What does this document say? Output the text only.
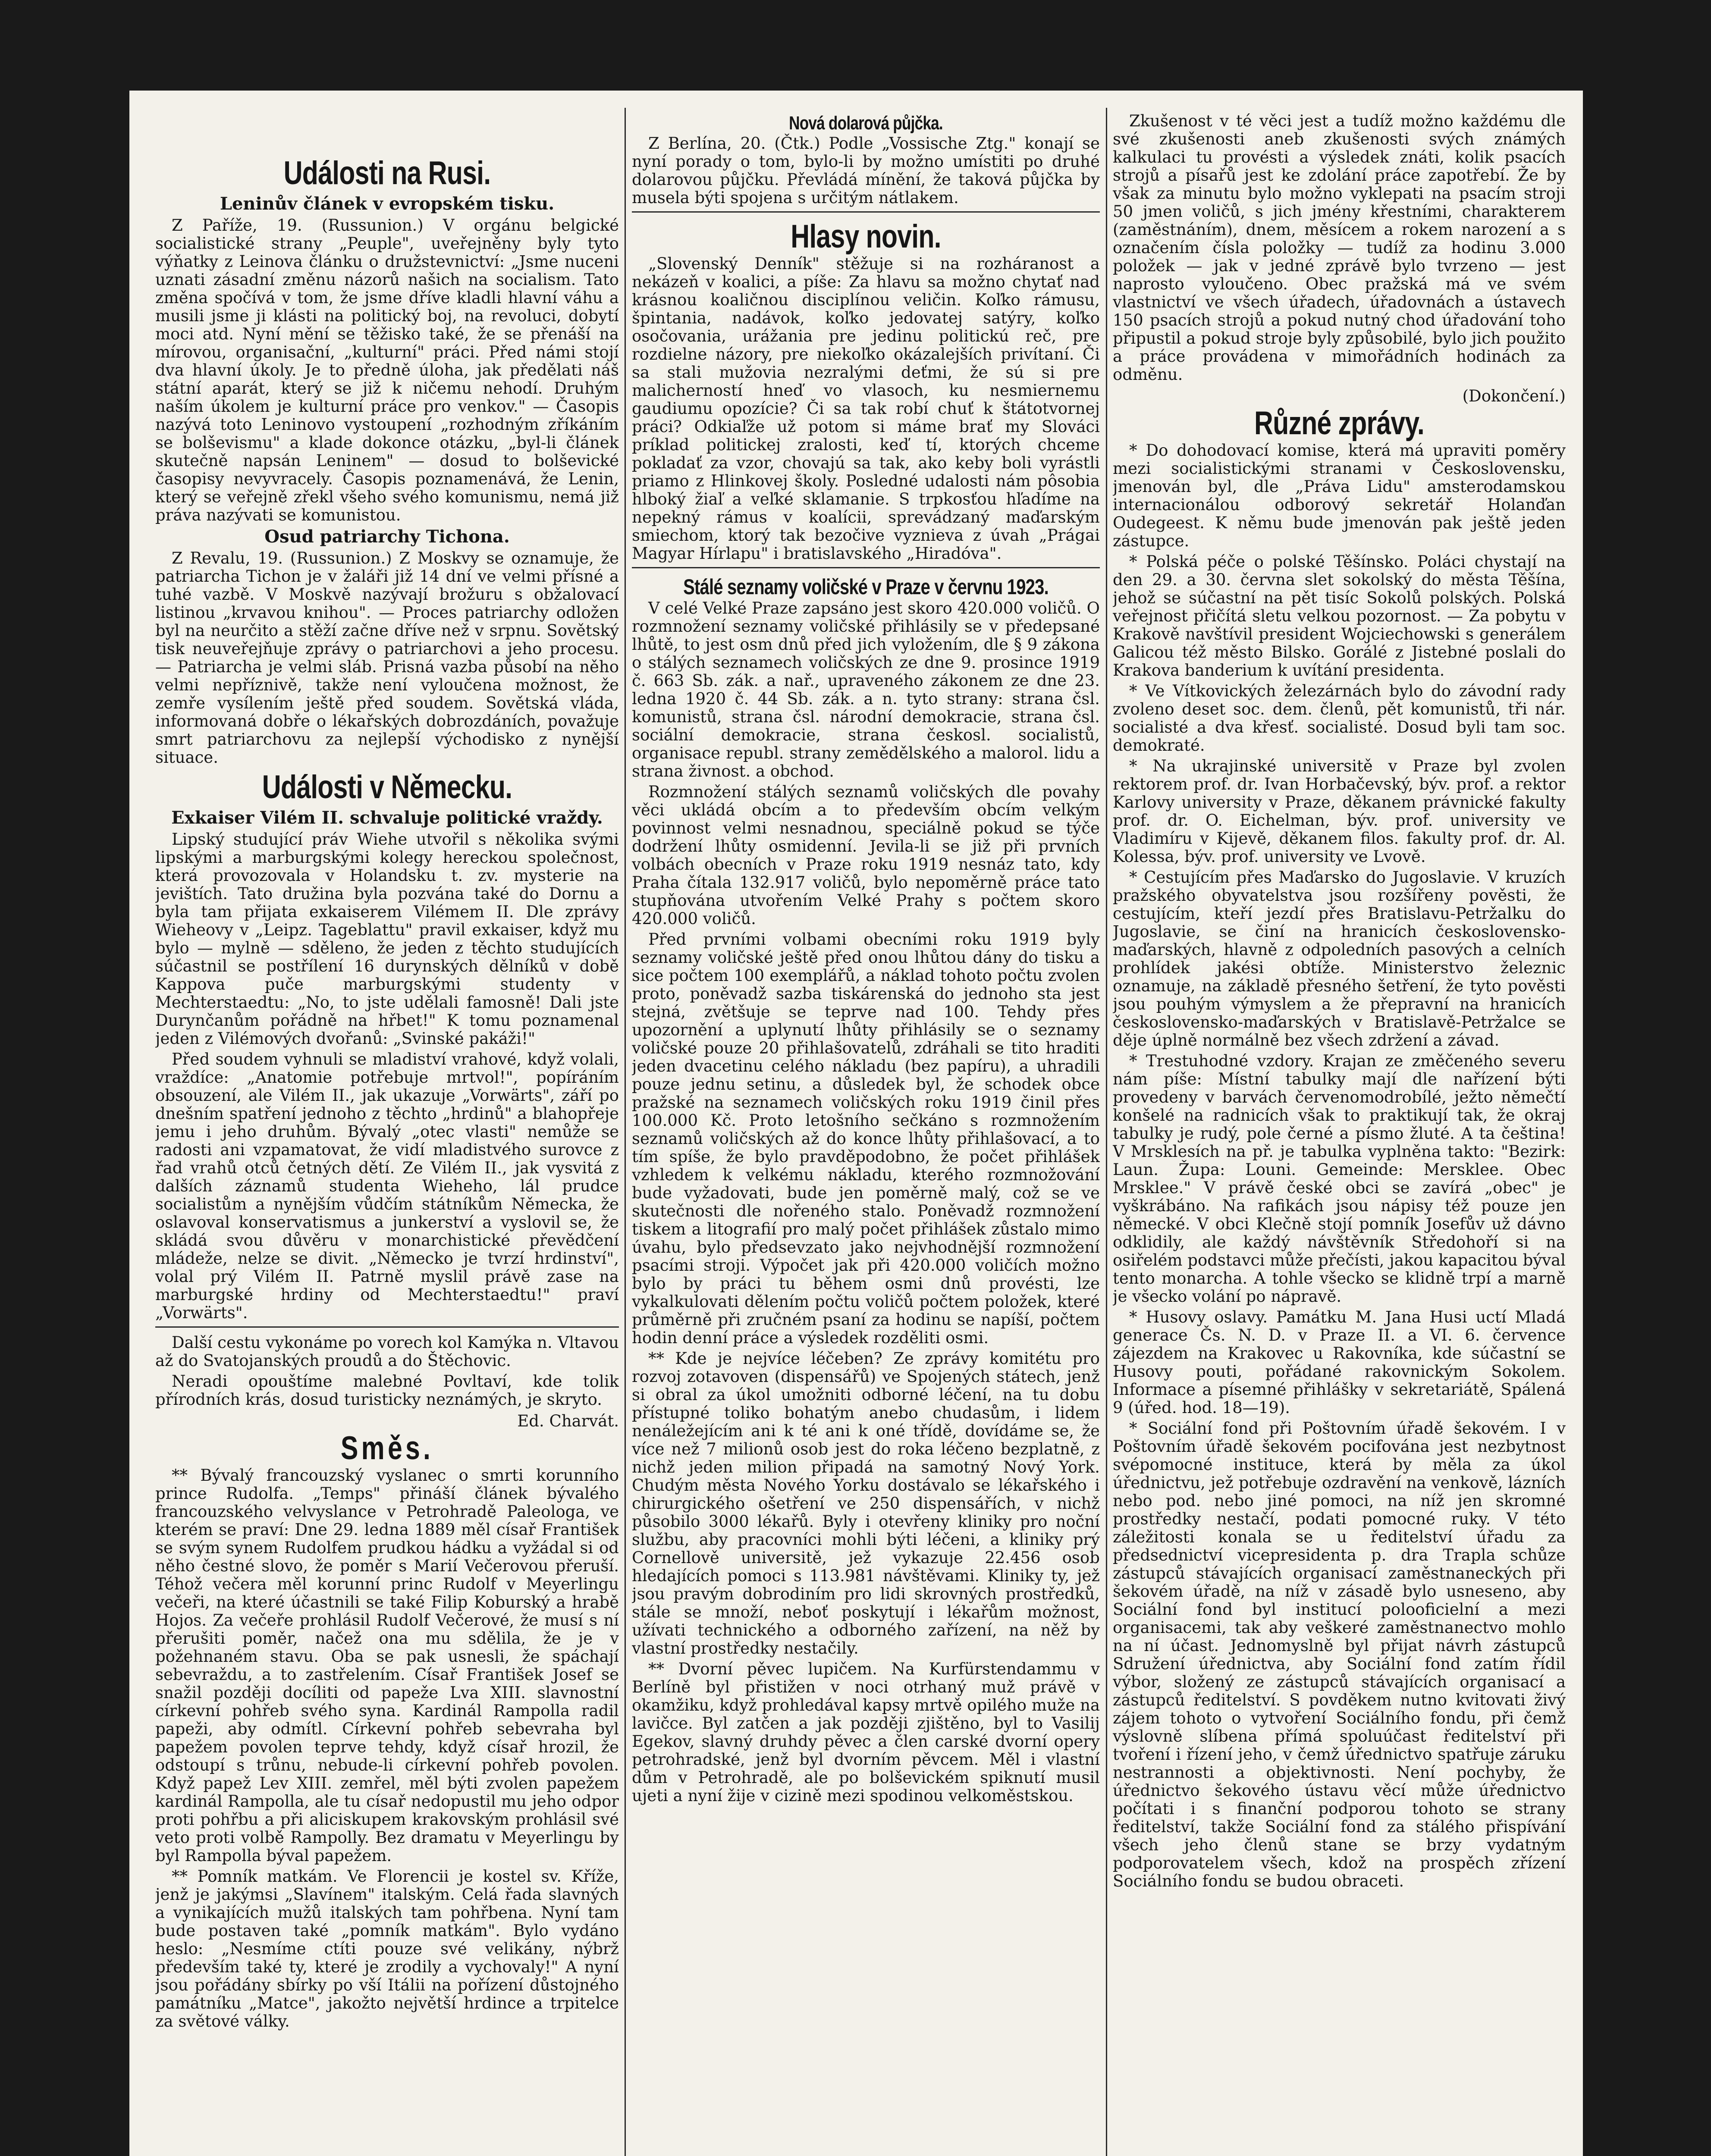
Události na Rusi.
Leninův článek v evropském tisku.

Z Paříže, 19. (Russunion.) V orgánu belgické socialistické strany „Peuple", uveřejněny byly tyto výňatky z Leinova článku o družstevnictví: „Jsme nuceni uznati zásadní změnu názorů našich na socialism. Tato změna spočívá v tom, že jsme dříve kladli hlavní váhu a musili jsme ji klásti na politický boj, na revoluci, dobytí moci atd. Nyní mění se těžisko také, že se přenáší na mírovou, organisační, „kulturní" práci. Před námi stojí dva hlavní úkoly. Je to předně úloha, jak předělati náš státní aparát, který se již k ničemu nehodí. Druhým naším úkolem je kulturní práce pro venkov." — Časopis nazývá toto Leninovo vystoupení „rozhodným zříkáním se bolševismu" a klade dokonce otázku, „byl-li článek skutečně napsán Leninem" — dosud to bolševické časopisy nevyvracely. Časopis poznamenává, že Lenin, který se veřejně zřekl všeho svého komunismu, nemá již práva nazývati se komunistou.

Osud patriarchy Tichona.

Z Revalu, 19. (Russunion.) Z Moskvy se oznamuje, že patriarcha Tichon je v žaláři již 14 dní ve velmi přísné a tuhé vazbě. V Moskvě nazývají brožuru s obžalovací listinou „krvavou knihou". — Proces patriarchy odložen byl na neurčito a stěží začne dříve než v srpnu. Sovětský tisk neuveřejňuje zprávy o patriarchovi a jeho procesu. — Patriarcha je velmi sláb. Prisná vazba působí na něho velmi nepříznivě, takže není vyloučena možnost, že zemře vysílením ještě před soudem. Sovětská vláda, informovaná dobře o lékařských dobrozdáních, považuje smrt patriarchovu za nejlepší východisko z nynější situace.

Události v Německu.
Exkaiser Vilém II. schvaluje politické vraždy.

Lipský studující práv Wiehe utvořil s několika svými lipskými a marburgskými kolegy hereckou společnost, která provozovala v Holandsku t. zv. mysterie na jevištích. Tato družina byla pozvána také do Dornu a byla tam přijata exkaiserem Vilémem II. Dle zprávy Wieheovy v „Leipz. Tageblattu" pravil exkaiser, když mu bylo — mylně — sděleno, že jeden z těchto studujících súčastnil se postřílení 16 durynských dělníků v době Kappova puče marburgskými studenty v Mechterstaedtu: „No, to jste udělali famosně! Dali jste Durynčanům pořádně na hřbet!" K tomu poznamenal jeden z Vilémových dvořanů: „Svinské pakáži!"

Před soudem vyhnuli se mladiství vrahové, když volali, vraždíce: „Anatomie potřebuje mrtvol!", popíráním obsouzení, ale Vilém II., jak ukazuje „Vorwärts", září po dnešním spatření jednoho z těchto „hrdinů" a blahopřeje jemu i jeho druhům. Bývalý „otec vlasti" nemůže se radosti ani vzpamatovat, že vidí mladistvého surovce z řad vrahů otců četných dětí. Ze Vilém II., jak vysvitá z dalších záznamů studenta Wieheho, lál prudce socialistům a nynějším vůdčím státníkům Německa, že oslavoval konservatismus a junkerství a vyslovil se, že skládá svou důvěru v monarchistické převědčení mládeže, nelze se divit. „Německo je tvrzí hrdinství", volal prý Vilém II. Patrně myslil právě zase na marburgské hrdiny od Mechterstaedtu!" praví „Vorwärts".

Další cestu vykonáme po vorech kol Kamýka n. Vltavou až do Svatojanských proudů a do Štěchovic.

Neradi opouštíme malebné Povltaví, kde tolik přírodních krás, dosud turisticky neznámých, je skryto.

Ed. Charvát.
Směs.

** Bývalý francouzský vyslanec o smrti korunního prince Rudolfa. „Temps" přináší článek bývalého francouzského velvyslance v Petrohradě Paleologa, ve kterém se praví: Dne 29. ledna 1889 měl císař František se svým synem Rudolfem prudkou hádku a vyžádal si od něho čestné slovo, že poměr s Marií Večerovou přeruší. Téhož večera měl korunní princ Rudolf v Meyerlingu večeři, na které účastnili se také Filip Koburský a hrabě Hojos. Za večeře prohlásil Rudolf Večerové, že musí s ní přerušiti poměr, načež ona mu sdělila, že je v požehnaném stavu. Oba se pak usnesli, že spáchají sebevraždu, a to zastřelením. Císař František Josef se snažil později docíliti od papeže Lva XIII. slavnostní církevní pohřeb svého syna. Kardinál Rampolla radil papeži, aby odmítl. Církevní pohřeb sebevraha byl papežem povolen teprve tehdy, když císař hrozil, že odstoupí s trůnu, nebude-li církevní pohřeb povolen. Když papež Lev XIII. zemřel, měl býti zvolen papežem kardinál Rampolla, ale tu císař nedopustil mu jeho odpor proti pohřbu a při aliciskupem krakovským prohlásil své veto proti volbě Rampolly. Bez dramatu v Meyerlingu by byl Rampolla býval papežem.

** Pomník matkám. Ve Florencii je kostel sv. Kříže, jenž je jakýmsi „Slavínem" italským. Celá řada slavných a vynikajících mužů italských tam pohřbena. Nyní tam bude postaven také „pomník matkám". Bylo vydáno heslo: „Nesmíme ctíti pouze své velikány, nýbrž především také ty, které je zrodily a vychovaly!" A nyní jsou pořádány sbírky po vší Itálii na pořízení důstojného památníku „Matce", jakožto největší hrdince a trpitelce za světové války.

Nová dolarová půjčka.

Z Berlína, 20. (Čtk.) Podle „Vossische Ztg." konají se nyní porady o tom, bylo-li by možno umístiti po druhé dolarovou půjčku. Převládá mínění, že taková půjčka by musela býti spojena s určitým nátlakem.

Hlasy novin.

„Slovenský Denník" stěžuje si na rozháranost a nekázeň v koalici, a píše: Za hlavu sa možno chytať nad krásnou koaličnou disciplínou veličin. Koľko rámusu, špintania, nadávok, koľko jedovatej satýry, koľko osočovania, urážania pre jedinu politickú reč, pre rozdielne názory, pre niekoľko okázalejších privítaní. Či sa stali mužovia nezralými deťmi, že sú si pre malicherností hneď vo vlasoch, ku nesmiernemu gaudiumu opozície? Či sa tak robí chuť k štátotvornej práci? Odkiaľže už potom si máme brať my Slováci príklad politickej zralosti, keď tí, ktorých chceme pokladať za vzor, chovajú sa tak, ako keby boli vyrástli priamo z Hlinkovej školy. Posledné udalosti nám pôsobia hlboký žiaľ a veľké sklamanie. S trpkosťou hľadíme na nepekný rámus v koalícii, sprevádzaný maďarským smiechom, ktorý tak bezočive vyznieva z úvah „Prágai Magyar Hírlapu" i bratislavského „Hiradóva".

Stálé seznamy voličské v Praze v červnu 1923.

V celé Velké Praze zapsáno jest skoro 420.000 voličů. O rozmnožení seznamy voličské přihlásily se v předepsané lhůtě, to jest osm dnů před jich vyložením, dle § 9 zákona o stálých seznamech voličských ze dne 9. prosince 1919 č. 663 Sb. zák. a nař., upraveného zákonem ze dne 23. ledna 1920 č. 44 Sb. zák. a n. tyto strany: strana čsl. komunistů, strana čsl. národní demokracie, strana čsl. sociální demokracie, strana českosl. socialistů, organisace republ. strany zemědělského a malorol. lidu a strana živnost. a obchod.

Rozmnožení stálých seznamů voličských dle povahy věci ukládá obcím a to především obcím velkým povinnost velmi nesnadnou, speciálně pokud se týče dodržení lhůty osmidenní. Jevila-li se již při prvních volbách obecních v Praze roku 1919 nesnáz tato, kdy Praha čítala 132.917 voličů, bylo nepoměrně práce tato stupňována utvořením Velké Prahy s počtem skoro 420.000 voličů.

Před prvními volbami obecními roku 1919 byly seznamy voličské ještě před onou lhůtou dány do tisku a sice počtem 100 exemplářů, a náklad tohoto počtu zvolen proto, poněvadž sazba tiskárenská do jednoho sta jest stejná, zvětšuje se teprve nad 100. Tehdy přes upozornění a uplynutí lhůty přihlásily se o seznamy voličské pouze 20 přihlašovatelů, zdráhali se tito hraditi jeden dvacetinu celého nákladu (bez papíru), a uhradili pouze jednu setinu, a důsledek byl, že schodek obce pražské na seznamech voličských roku 1919 činil přes 100.000 Kč. Proto letošního sečkáno s rozmnožením seznamů voličských až do konce lhůty přihlašovací, a to tím spíše, že bylo pravděpodobno, že počet přihlášek vzhledem k velkému nákladu, kterého rozmnožování bude vyžadovati, bude jen poměrně malý, což se ve skutečnosti dle nořeného stalo. Poněvadž rozmnožení tiskem a litografií pro malý počet přihlášek zůstalo mimo úvahu, bylo předsevzato jako nejvhodnější rozmnožení psacími stroji. Výpočet jak při 420.000 voličích možno bylo by práci tu během osmi dnů provésti, lze vykalkulovati dělením počtu voličů počtem položek, které průměrně při zručném psaní za hodinu se napíší, počtem hodin denní práce a výsledek rozděliti osmi.

** Kde je nejvíce léčeben? Ze zprávy komitétu pro rozvoj zotavoven (dispensářů) ve Spojených státech, jenž si obral za úkol umožniti odborné léčení, na tu dobu přístupné toliko bohatým anebo chudasům, i lidem nenáležejícím ani k té ani k oné třídě, dovídáme se, že více než 7 milionů osob jest do roka léčeno bezplatně, z nichž jeden milion připadá na samotný Nový York. Chudým města Nového Yorku dostávalo se lékařského i chirurgického ošetření ve 250 dispensářích, v nichž působilo 3000 lékařů. Byly i otevřeny kliniky pro noční službu, aby pracovníci mohli býti léčeni, a kliniky prý Cornellově universitě, jež vykazuje 22.456 osob hledajících pomoci s 113.981 návštěvami. Kliniky ty, jež jsou pravým dobrodiním pro lidi skrovných prostředků, stále se množí, neboť poskytují i lékařům možnost, užívati technického a odborného zařízení, na něž by vlastní prostředky nestačily.

** Dvorní pěvec lupičem. Na Kurfürstendammu v Berlíně byl přistižen v noci otrhaný muž právě v okamžiku, když prohledával kapsy mrtvě opilého muže na lavičce. Byl zatčen a jak později zjištěno, byl to Vasilij Egekov, slavný druhdy pěvec a člen carské dvorní opery petrohradské, jenž byl dvorním pěvcem. Měl i vlastní dům v Petrohradě, ale po bolševickém spiknutí musil ujeti a nyní žije v cizině mezi spodinou velkoměstskou.

Zkušenost v té věci jest a tudíž možno každému dle své zkušenosti aneb zkušenosti svých známých kalkulaci tu provésti a výsledek znáti, kolik psacích strojů a písařů jest ke zdolání práce zapotřebí. Že by však za minutu bylo možno vyklepati na psacím stroji 50 jmen voličů, s jich jmény křestními, charakterem (zaměstnáním), dnem, měsícem a rokem narození a s označením čísla položky — tudíž za hodinu 3.000 položek — jak v jedné zprávě bylo tvrzeno — jest naprosto vyloučeno. Obec pražská má ve svém vlastnictví ve všech úřadech, úřadovnách a ústavech 150 psacích strojů a pokud nutný chod úřadování toho připustil a pokud stroje byly způsobilé, bylo jich použito a práce provádena v mimořádních hodinách za odměnu.

(Dokončení.)
Různé zprávy.

* Do dohodovací komise, která má upraviti poměry mezi socialistickými stranami v Československu, jmenován byl, dle „Práva Lidu" amsterodamskou internacionálou odborový sekretář Holanďan Oudegeest. K němu bude jmenován pak ještě jeden zástupce.

* Polská péče o polské Těšínsko. Poláci chystají na den 29. a 30. června slet sokolský do města Těšína, jehož se súčastní na pět tisíc Sokolů polských. Polská veřejnost přičítá sletu velkou pozornost. — Za pobytu v Krakově navštívil president Wojciechowski s generálem Galicou též město Bilsko. Gorálé z Jistebné poslali do Krakova banderium k uvítání presidenta.

* Ve Vítkovických železárnách bylo do závodní rady zvoleno deset soc. dem. členů, pět komunistů, tři nár. socialisté a dva křesť. socialisté. Dosud byli tam soc. demokraté.

* Na ukrajinské universitě v Praze byl zvolen rektorem prof. dr. Ivan Horbačevský, býv. prof. a rektor Karlovy university v Praze, děkanem právnické fakulty prof. dr. O. Eichelman, býv. prof. university ve Vladimíru v Kijevě, děkanem filos. fakulty prof. dr. Al. Kolessa, býv. prof. university ve Lvově.

* Cestujícím přes Maďarsko do Jugoslavie. V kruzích pražského obyvatelstva jsou rozšířeny pověsti, že cestujícím, kteří jezdí přes Bratislavu-Petržalku do Jugoslavie, se činí na hranicích československo-maďarských, hlavně z odpoledních pasových a celních prohlídek jakési obtíže. Ministerstvo železnic oznamuje, na základě přesného šetření, že tyto pověsti jsou pouhým výmyslem a že přepravní na hranicích československo-maďarských v Bratislavě-Petržalce se děje úplně normálně bez všech zdržení a závad.

* Trestuhodné vzdory. Krajan ze změčeného severu nám píše: Místní tabulky mají dle nařízení býti provedeny v barvách červenomodrobílé, ježto němečtí konšelé na radnicích však to praktikují tak, že okraj tabulky je rudý, pole černé a písmo žluté. A ta čeština! V Mrsklesích na př. je tabulka vyplněna takto: "Bezirk: Laun. Župa: Louni. Gemeinde: Mersklee. Obec Mrsklee." V právě české obci se zavírá „obec" je vyškrábáno. Na rafikách jsou nápisy též pouze jen německé. V obci Klečně stojí pomník Josefův už dávno odklidily, ale každý návštěvník Středohoří si na osiřelém podstavci může přečísti, jakou kapacitou býval tento monarcha. A tohle všecko se klidně trpí a marně je všecko volání po nápravě.

* Husovy oslavy. Památku M. Jana Husi uctí Mladá generace Čs. N. D. v Praze II. a VI. 6. července zájezdem na Krakovec u Rakovníka, kde súčastní se Husovy pouti, pořádané rakovnickým Sokolem. Informace a písemné přihlášky v sekretariátě, Spálená 9 (úřed. hod. 18—19).

* Sociální fond při Poštovním úřadě šekovém. I v Poštovním úřadě šekovém pocifována jest nezbytnost svépomocné instituce, která by měla za úkol úřednictvu, jež potřebuje ozdravění na venkově, lázních nebo pod. nebo jiné pomoci, na níž jen skromné prostředky nestačí, podati pomocné ruky. V této záležitosti konala se u ředitelství úřadu za předsednictví vicepresidenta p. dra Trapla schůze zástupců stávajících organisací zaměstnaneckých při šekovém úřadě, na níž v zásadě bylo usneseno, aby Sociální fond byl institucí polooficielní a mezi organisacemi, tak aby veškeré zaměstnanectvo mohlo na ní účast. Jednomyslně byl přijat návrh zástupců Sdružení úřednictva, aby Sociální fond zatím řídil výbor, složený ze zástupců stávajících organisací a zástupců ředitelství. S povděkem nutno kvitovati živý zájem tohoto o vytvoření Sociálního fondu, při čemž výslovně slíbena přímá spoluúčast ředitelství při tvoření i řízení jeho, v čemž úřednictvo spatřuje záruku nestrannosti a objektivnosti. Není pochyby, že úřednictvo šekového ústavu věcí může úřednictvo počítati i s finanční podporou tohoto se strany ředitelství, takže Sociální fond za stálého přispívání všech jeho členů stane se brzy vydatným podporovatelem všech, kdož na prospěch zřízení Sociálního fondu se budou obraceti.
